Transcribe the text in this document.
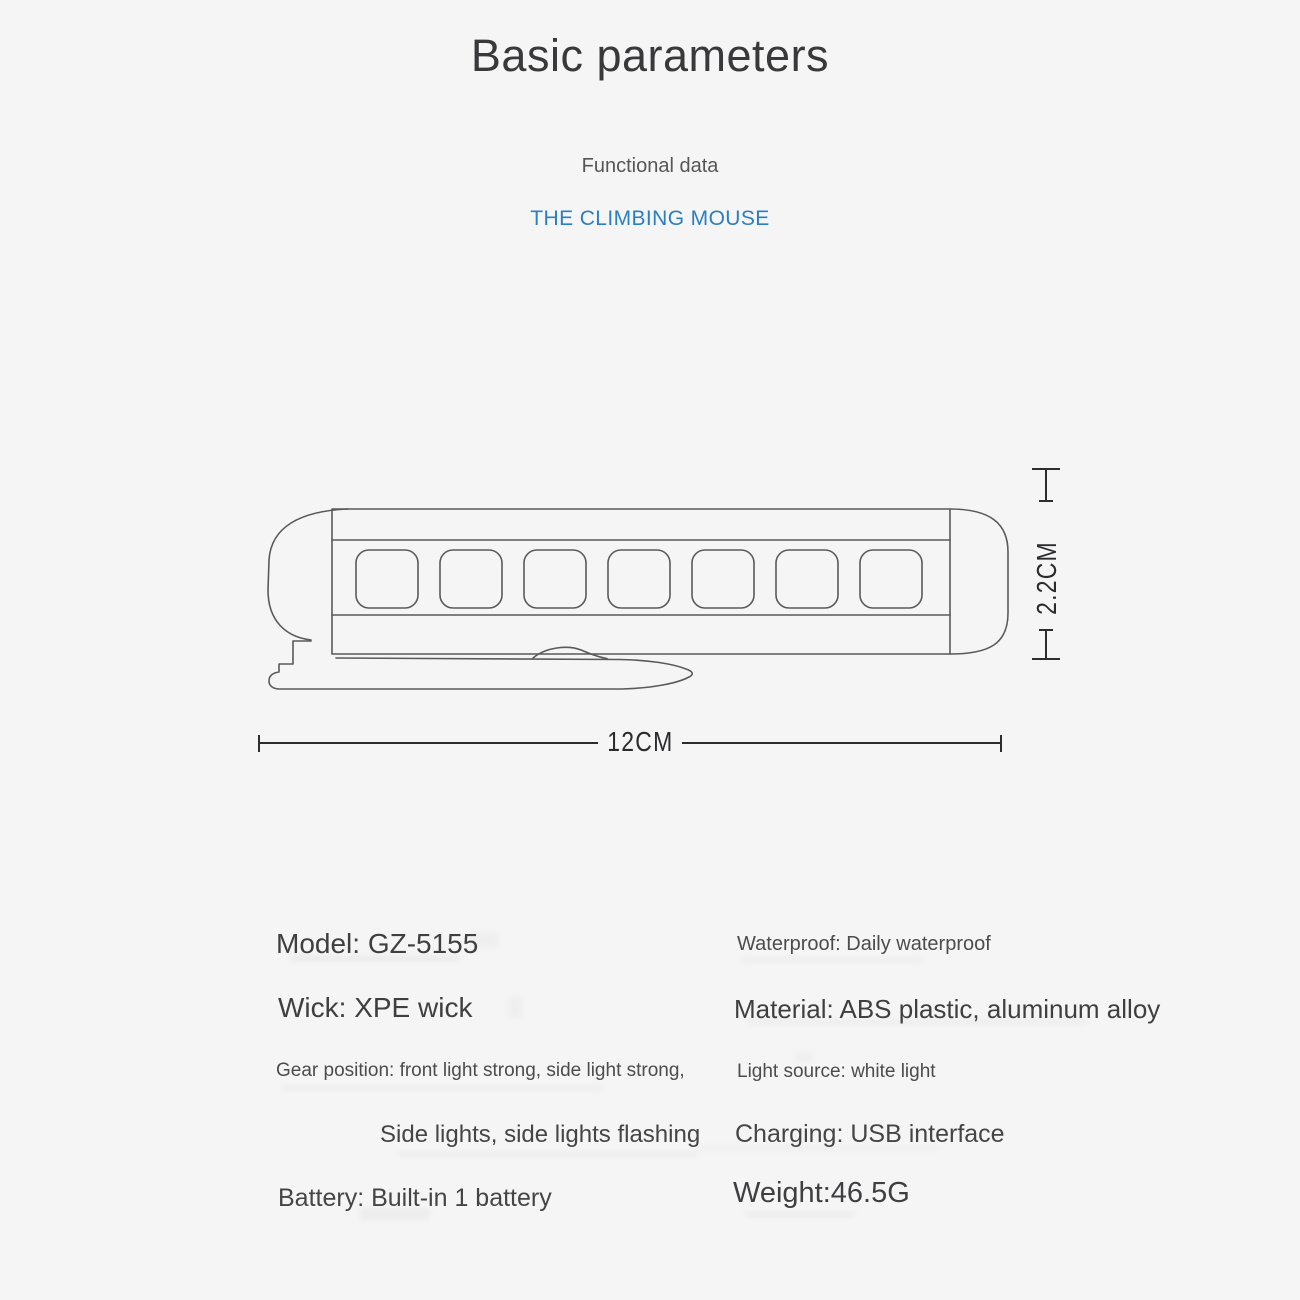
Basic parameters
Functional data
THE CLIMBING MOUSE
12CM
2.2CM
Model: GZ-5155
Wick: XPE wick
Gear position: front light strong, side light strong,
Side lights, side lights flashing
Battery: Built-in 1 battery
Waterproof: Daily waterproof
Material: ABS plastic, aluminum alloy
Light source: white light
Charging: USB interface
Weight:46.5G
